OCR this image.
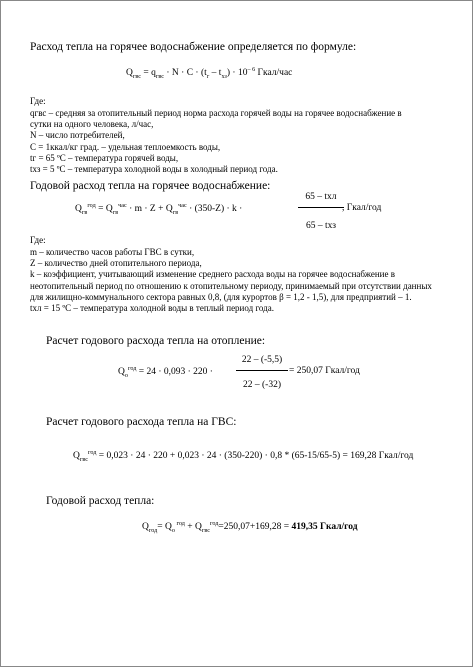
Расход тепла на горячее водоснабжение определяется по формуле:
$Q_{гвс} = q_{гвс} \cdot N \cdot C \cdot (t_г - t_{хз}) \cdot 10^{- 6}$ Гкал/час
Где:
qгвс – средняя за отопительный период норма расхода горячей воды на горячее водоснабжение в
сутки на одного человека, л/час,
N – число потребителей,
С = 1ккал/кг град. – удельная теплоемкость воды,
tг = 65 ºС – температура горячей воды,
tхз = 5 ºС – температура холодной воды в холодный период года.
Годовой расход тепла на горячее водоснабжение:
$Q_{гв}^{год} = Q_{гв}^{час} \cdot m \cdot Z + Q_{гв}^{час} \cdot (350-Z) \cdot k$ ·
65 – tхл
65 – tхз
, Гкал/год
Где:
m – количество часов работы ГВС в сутки,
Z – количество дней отопительного периода,
k – коэффициент, учитывающий изменение среднего расхода воды на горячее водоснабжение в
неотопительный период по отношению к отопительному периоду, принимаемый при отсутствии данных
для жилищно-коммунального сектора равных 0,8, (для курортов β = 1,2 - 1,5), для предприятий – 1.
tхл = 15 ºС – температура холодной воды в теплый период года.
Расчет годового расхода тепла на отопление:
$Q_о^{год} = 24 \cdot 0,093 \cdot 220$ ·
22 – (-5,5)
22 – (-32)
= 250,07 Гкал/год
Расчет годового расхода тепла на ГВС:
$Q_{гвс}^{год} = 0,023 \cdot 24 \cdot 220 + 0,023 \cdot 24 \cdot (350-220) \cdot 0,8 * (65-15/65-5) = 169,28$ Гкал/год
Годовой расход тепла:
$Q_{год}= Q_о$ $^{год} + Q_{гвс}^{год}=250,07+169,28 = 419,35$ Гкал/год
